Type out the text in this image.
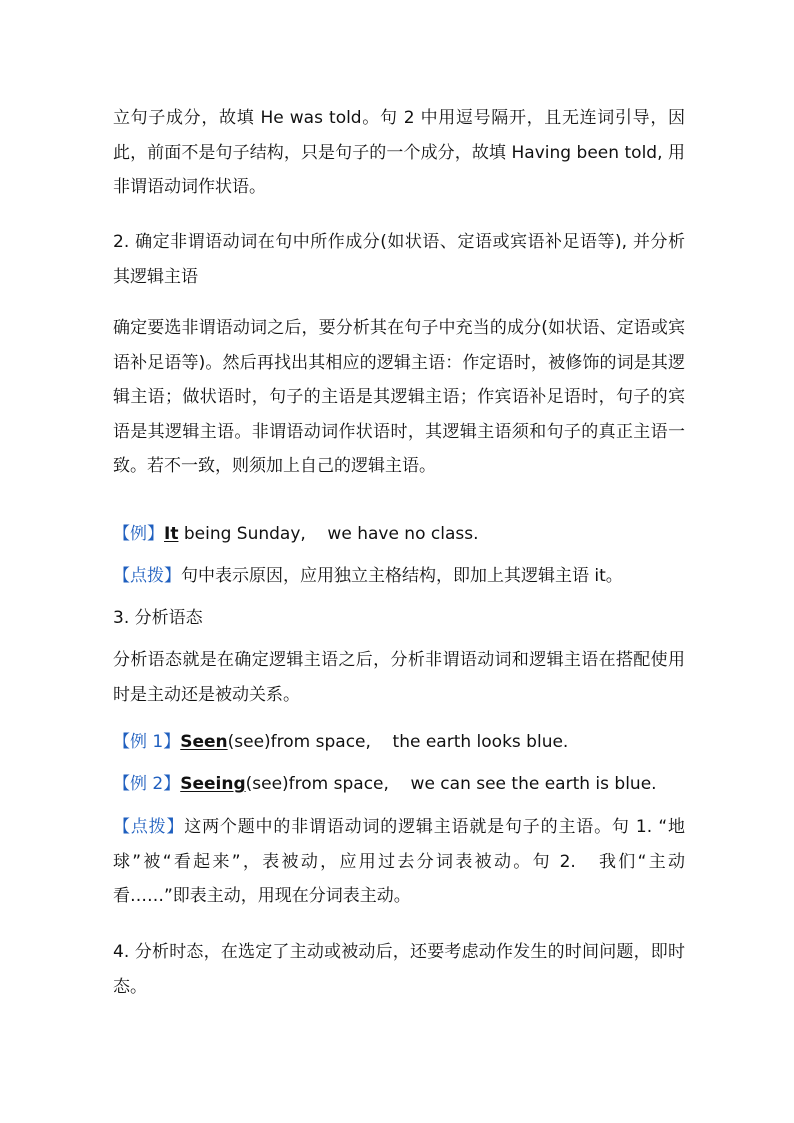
立句子成分，故填 He was told。句 2 中用逗号隔开，且无连词引导，因此，前面不是句子结构，只是句子的一个成分，故填 Having been told, 用非谓语动词作状语。

2. 确定非谓语动词在句中所作成分(如状语、定语或宾语补足语等), 并分析其逻辑主语

确定要选非谓语动词之后，要分析其在句子中充当的成分(如状语、定语或宾语补足语等)。然后再找出其相应的逻辑主语：作定语时，被修饰的词是其逻辑主语；做状语时，句子的主语是其逻辑主语；作宾语补足语时，句子的宾语是其逻辑主语。非谓语动词作状语时，其逻辑主语须和句子的真正主语一致。若不一致，则须加上自己的逻辑主语。

【例】It being Sunday,    we have no class.

【点拨】句中表示原因，应用独立主格结构，即加上其逻辑主语 it。

3. 分析语态

分析语态就是在确定逻辑主语之后，分析非谓语动词和逻辑主语在搭配使用时是主动还是被动关系。

【例 1】Seen(see)from space,    the earth looks blue.

【例 2】Seeing(see)from space,    we can see the earth is blue.

【点拨】这两个题中的非谓语动词的逻辑主语就是句子的主语。句 1. “地球”被“看起来”，表被动，应用过去分词表被动。句 2.   我们“主动看……”即表主动，用现在分词表主动。

4. 分析时态，在选定了主动或被动后，还要考虑动作发生的时间问题，即时态。
